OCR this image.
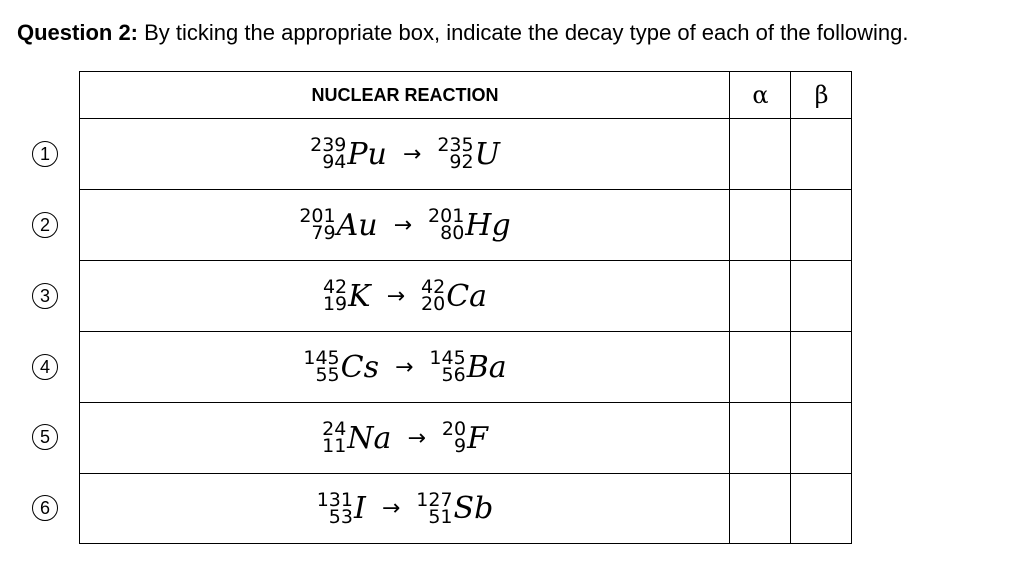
Question 2: By ticking the appropriate box, indicate the decay type of each of the following.
1
2
3
4
5
6
NUCLEAR REACTION	α	β
239
94 Pu → 235
92 U
201
79 Au → 201
80 Hg
42
19 K → 42
20 Ca
145
55 Cs → 145
56 Ba
24
11 Na → 20
9 F
131
53 I → 127
51 Sb
